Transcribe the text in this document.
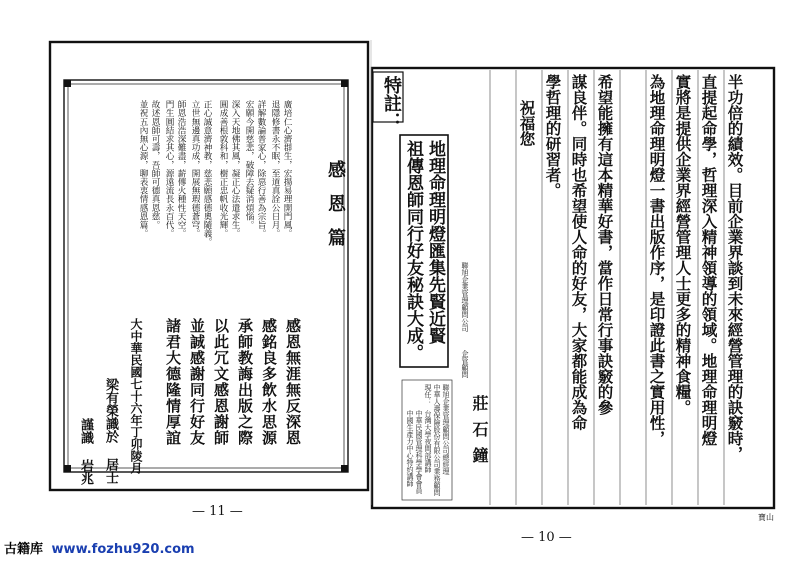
感恩篇
廣培仁心濟群生，宏揚易理開門風。
退隱修書永不眠，至道真詮公日月。
詳解數論普家心，除惡行善為宗旨。
宏願今開慈悲，破障去疑消煩惱。
深入天地佛其風，凝正心法遣求生。
圓成善根敦科和，樹正忠帆收光輝。
正心誠意濟神教，慈悲願感德奧隨義。
立世無邊真功成，開展無瑕德蒼穹。
師恩浩浩深難盡，薪傳火種性天空。
門生圓結求其心，源遠流長永百代。
故述恩師可壽，吾師可德真恩慈。
並祝五內無心源，聊表衷情感恩篇。
感恩無涯無反深恩
感銘良多飲水思源
承師教誨出版之際
以此冗文感恩謝師
並誠感謝同行好友
諸君大德隆情厚誼
大中華民國七十六年丁卯陵月
梁有榮識於 居士
謹識 岩兆
— 11 —
半功倍的績效。目前企業界談到未來經營管理的訣竅時，
直提起命學，哲理深入精神領導的領域。地理命理明燈
實將是提供企業界經營管理人士更多的精神食糧。
為地理命理明燈一書出版作序，是印證此書之實用性，
希望能擁有這本精華好書，當作日常行事訣竅的參
謀良伴。同時也希望使人命的好友，大家都能成為命
學哲理的研習者。
祝福您
特註：
地理命理明燈匯集先賢近賢
祖傳恩師同行好友秘訣大成。	聯旭企業管理顧問公司
企管顧問
莊石鐘
聯旭企業管理顧問公司總經理
中華人壽保險股份有限公司業務顧問
現任：
台灣大學夜間部講師
中華民國管理科學學會會員
中國生產力中心特約講師
— 10 —
寶山
古籍库 www.fozhu920.com
